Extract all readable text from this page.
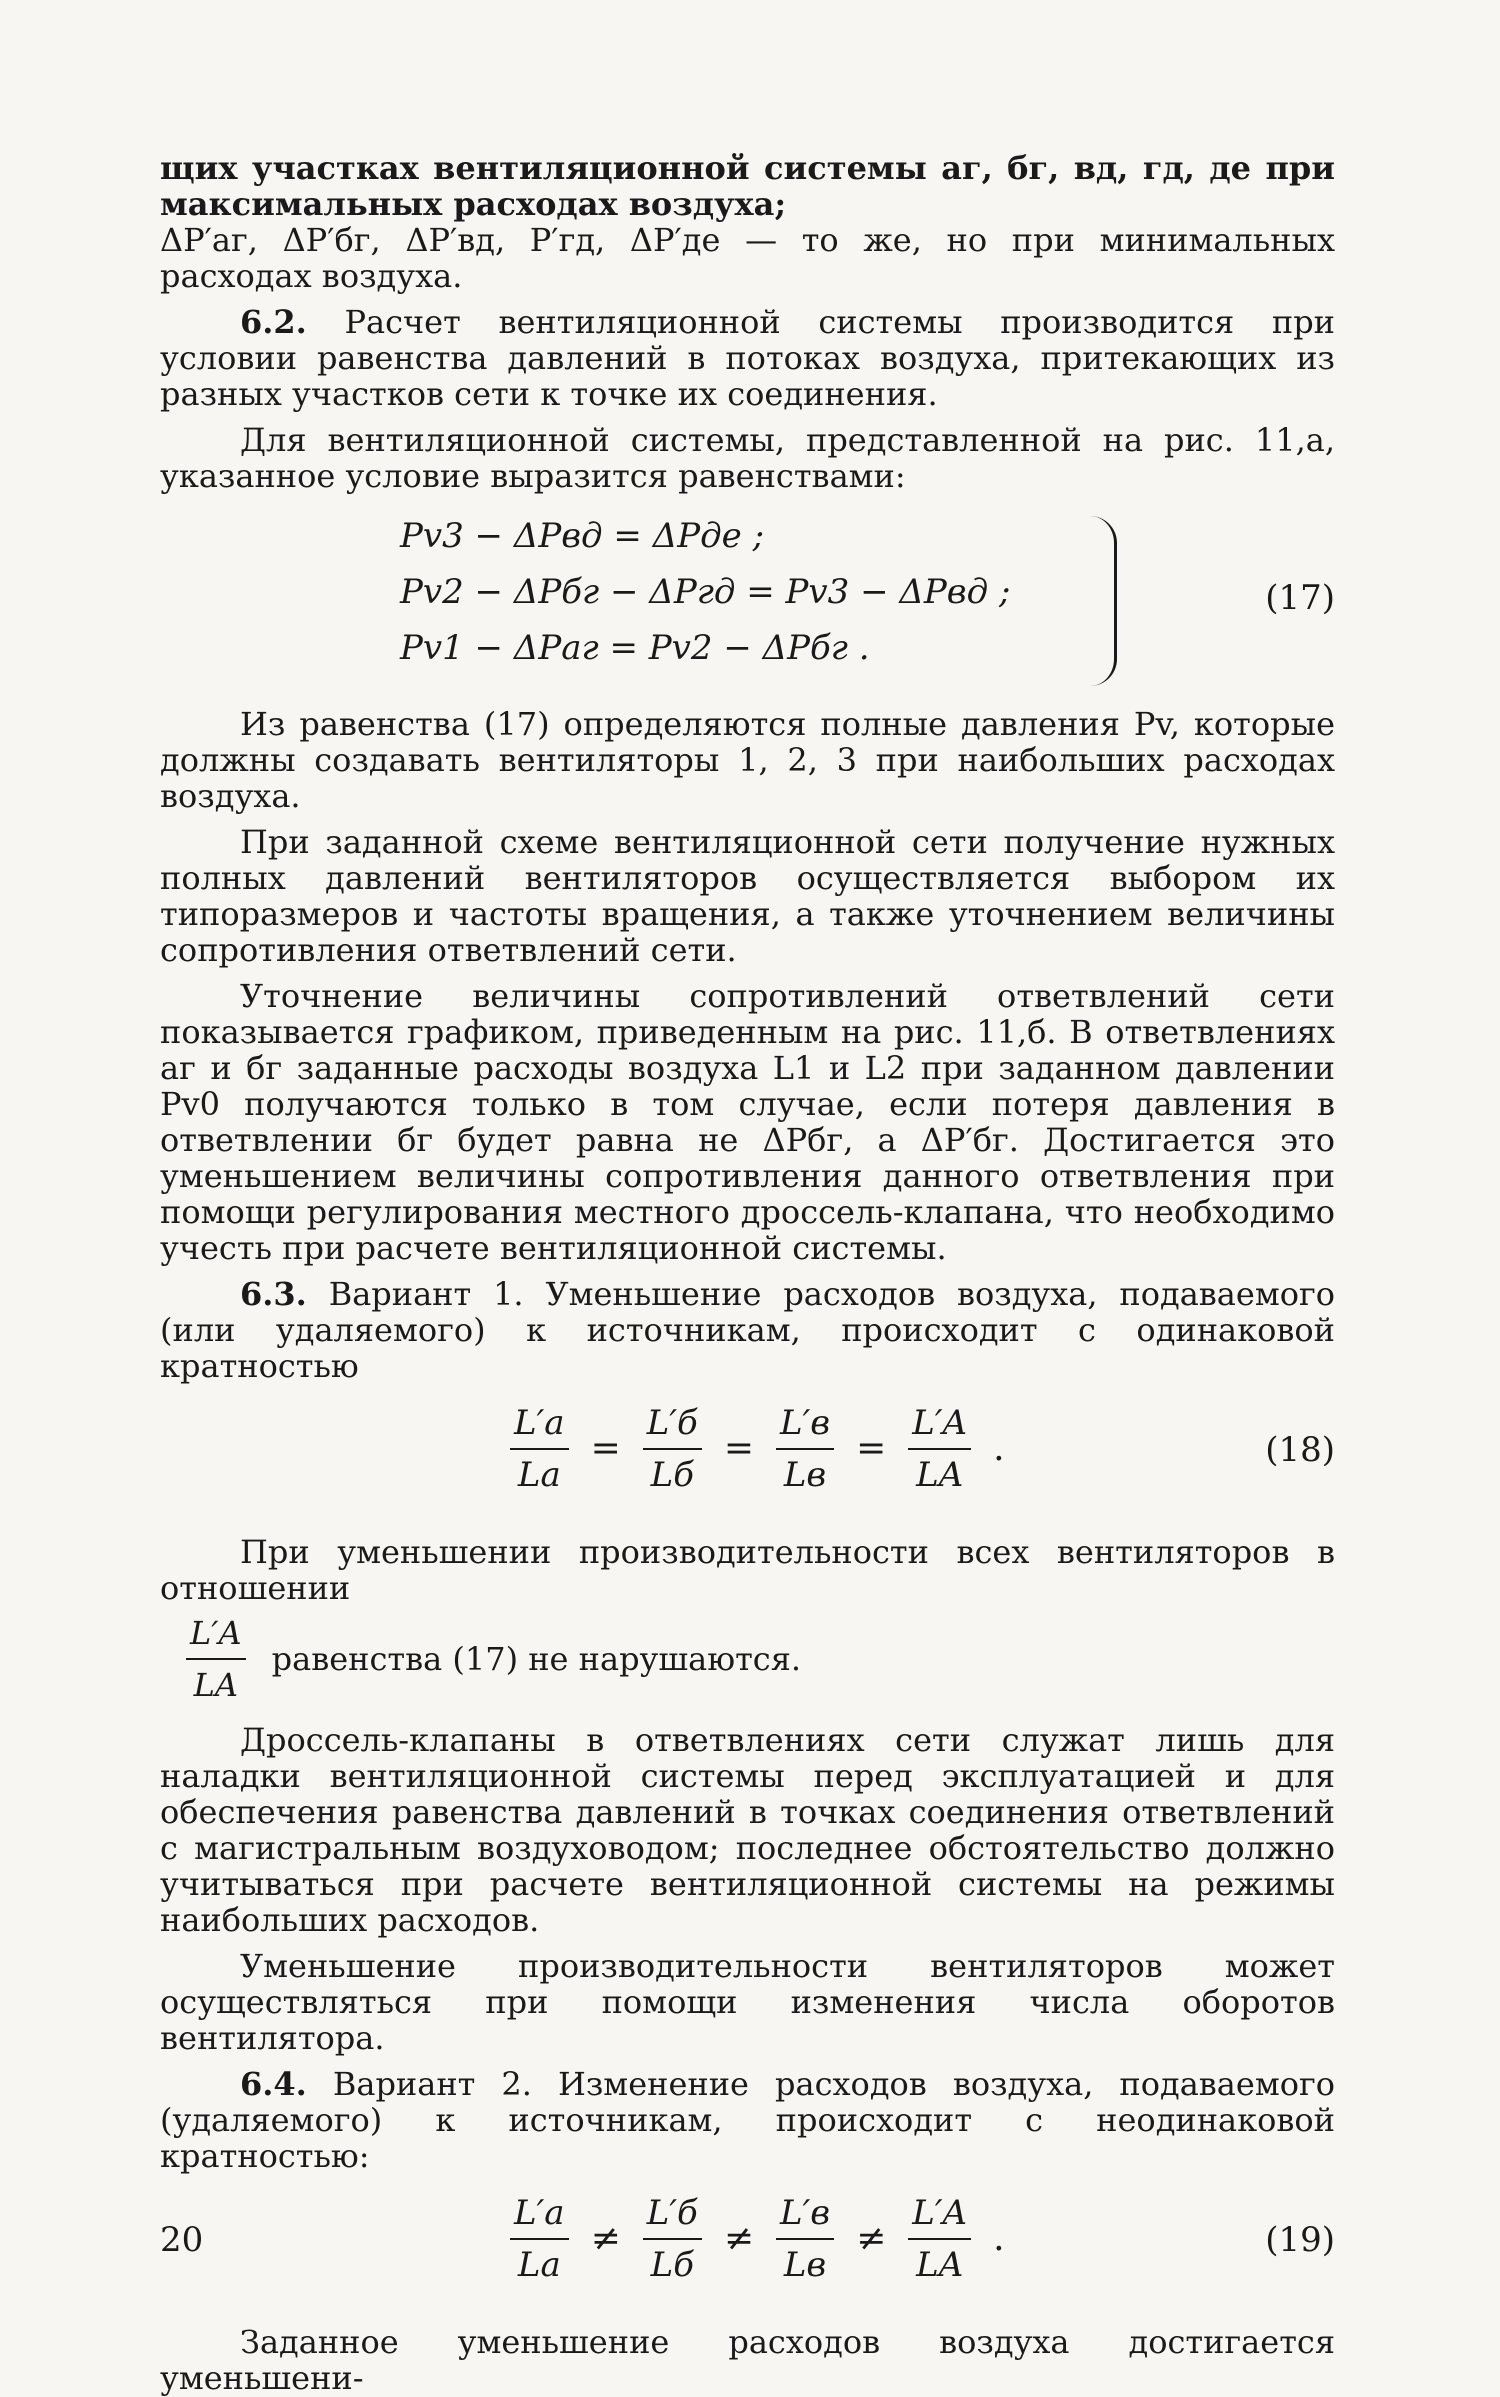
щих участках вентиляционной системы аг, бг, вд, гд, де при максимальных расходах воздуха;

ΔP′аг, ΔP′бг, ΔP′вд, P′гд, ΔP′де — то же, но при минимальных расходах воздуха.

6.2. Расчет вентиляционной системы производится при условии равенства давлений в потоках воздуха, притекающих из разных участков сети к точке их соединения.

Для вентиляционной системы, представленной на рис. 11,а, указанное условие выразится равенствами:

Pv3 − ΔPвд = ΔPде ;
Pv2 − ΔPбг − ΔPгд = Pv3 − ΔPвд ;
Pv1 − ΔPаг = Pv2 − ΔPбг .
(17)

Из равенства (17) определяются полные давления Pv, которые должны создавать вентиляторы 1, 2, 3 при наибольших расходах воздуха.

При заданной схеме вентиляционной сети получение нужных полных давлений вентиляторов осуществляется выбором их типоразмеров и частоты вращения, а также уточнением величины сопротивления ответвлений сети.

Уточнение величины сопротивлений ответвлений сети показывается графиком, приведенным на рис. 11,б. В ответвлениях аг и бг заданные расходы воздуха L1 и L2 при заданном давлении Pv0 получаются только в том случае, если потеря давления в ответвлении бг будет равна не ΔPбг, а ΔP′бг. Достигается это уменьшением величины сопротивления данного ответвления при помощи регулирования местного дроссель-клапана, что необходимо учесть при расчете вентиляционной системы.

6.3. Вариант 1. Уменьшение расходов воздуха, подаваемого (или удаляемого) к источникам, происходит с одинаковой кратностью

$\frac{L'а}{Lа} = \frac{L'б}{Lб} = \frac{L'в}{Lв} = \frac{L'A}{LA}$ .	(18)

При уменьшении производительности всех вентиляторов в отношении

$\frac{L'A}{LA}$ равенства (17) не нарушаются.

Дроссель-клапаны в ответвлениях сети служат лишь для наладки вентиляционной системы перед эксплуатацией и для обеспечения равенства давлений в точках соединения ответвлений с магистральным воздуховодом; последнее обстоятельство должно учитываться при расчете вентиляционной системы на режимы наибольших расходов.

Уменьшение производительности вентиляторов может осуществляться при помощи изменения числа оборотов вентилятора.

6.4. Вариант 2. Изменение расходов воздуха, подаваемого (удаляемого) к источникам, происходит с неодинаковой кратностью:

$\frac{L'а}{Lа} \ne \frac{L'б}{Lб} \ne \frac{L'в}{Lв} \ne \frac{L'A}{LA}$ .	(19)

Заданное уменьшение расходов воздуха достигается уменьшени-

20
